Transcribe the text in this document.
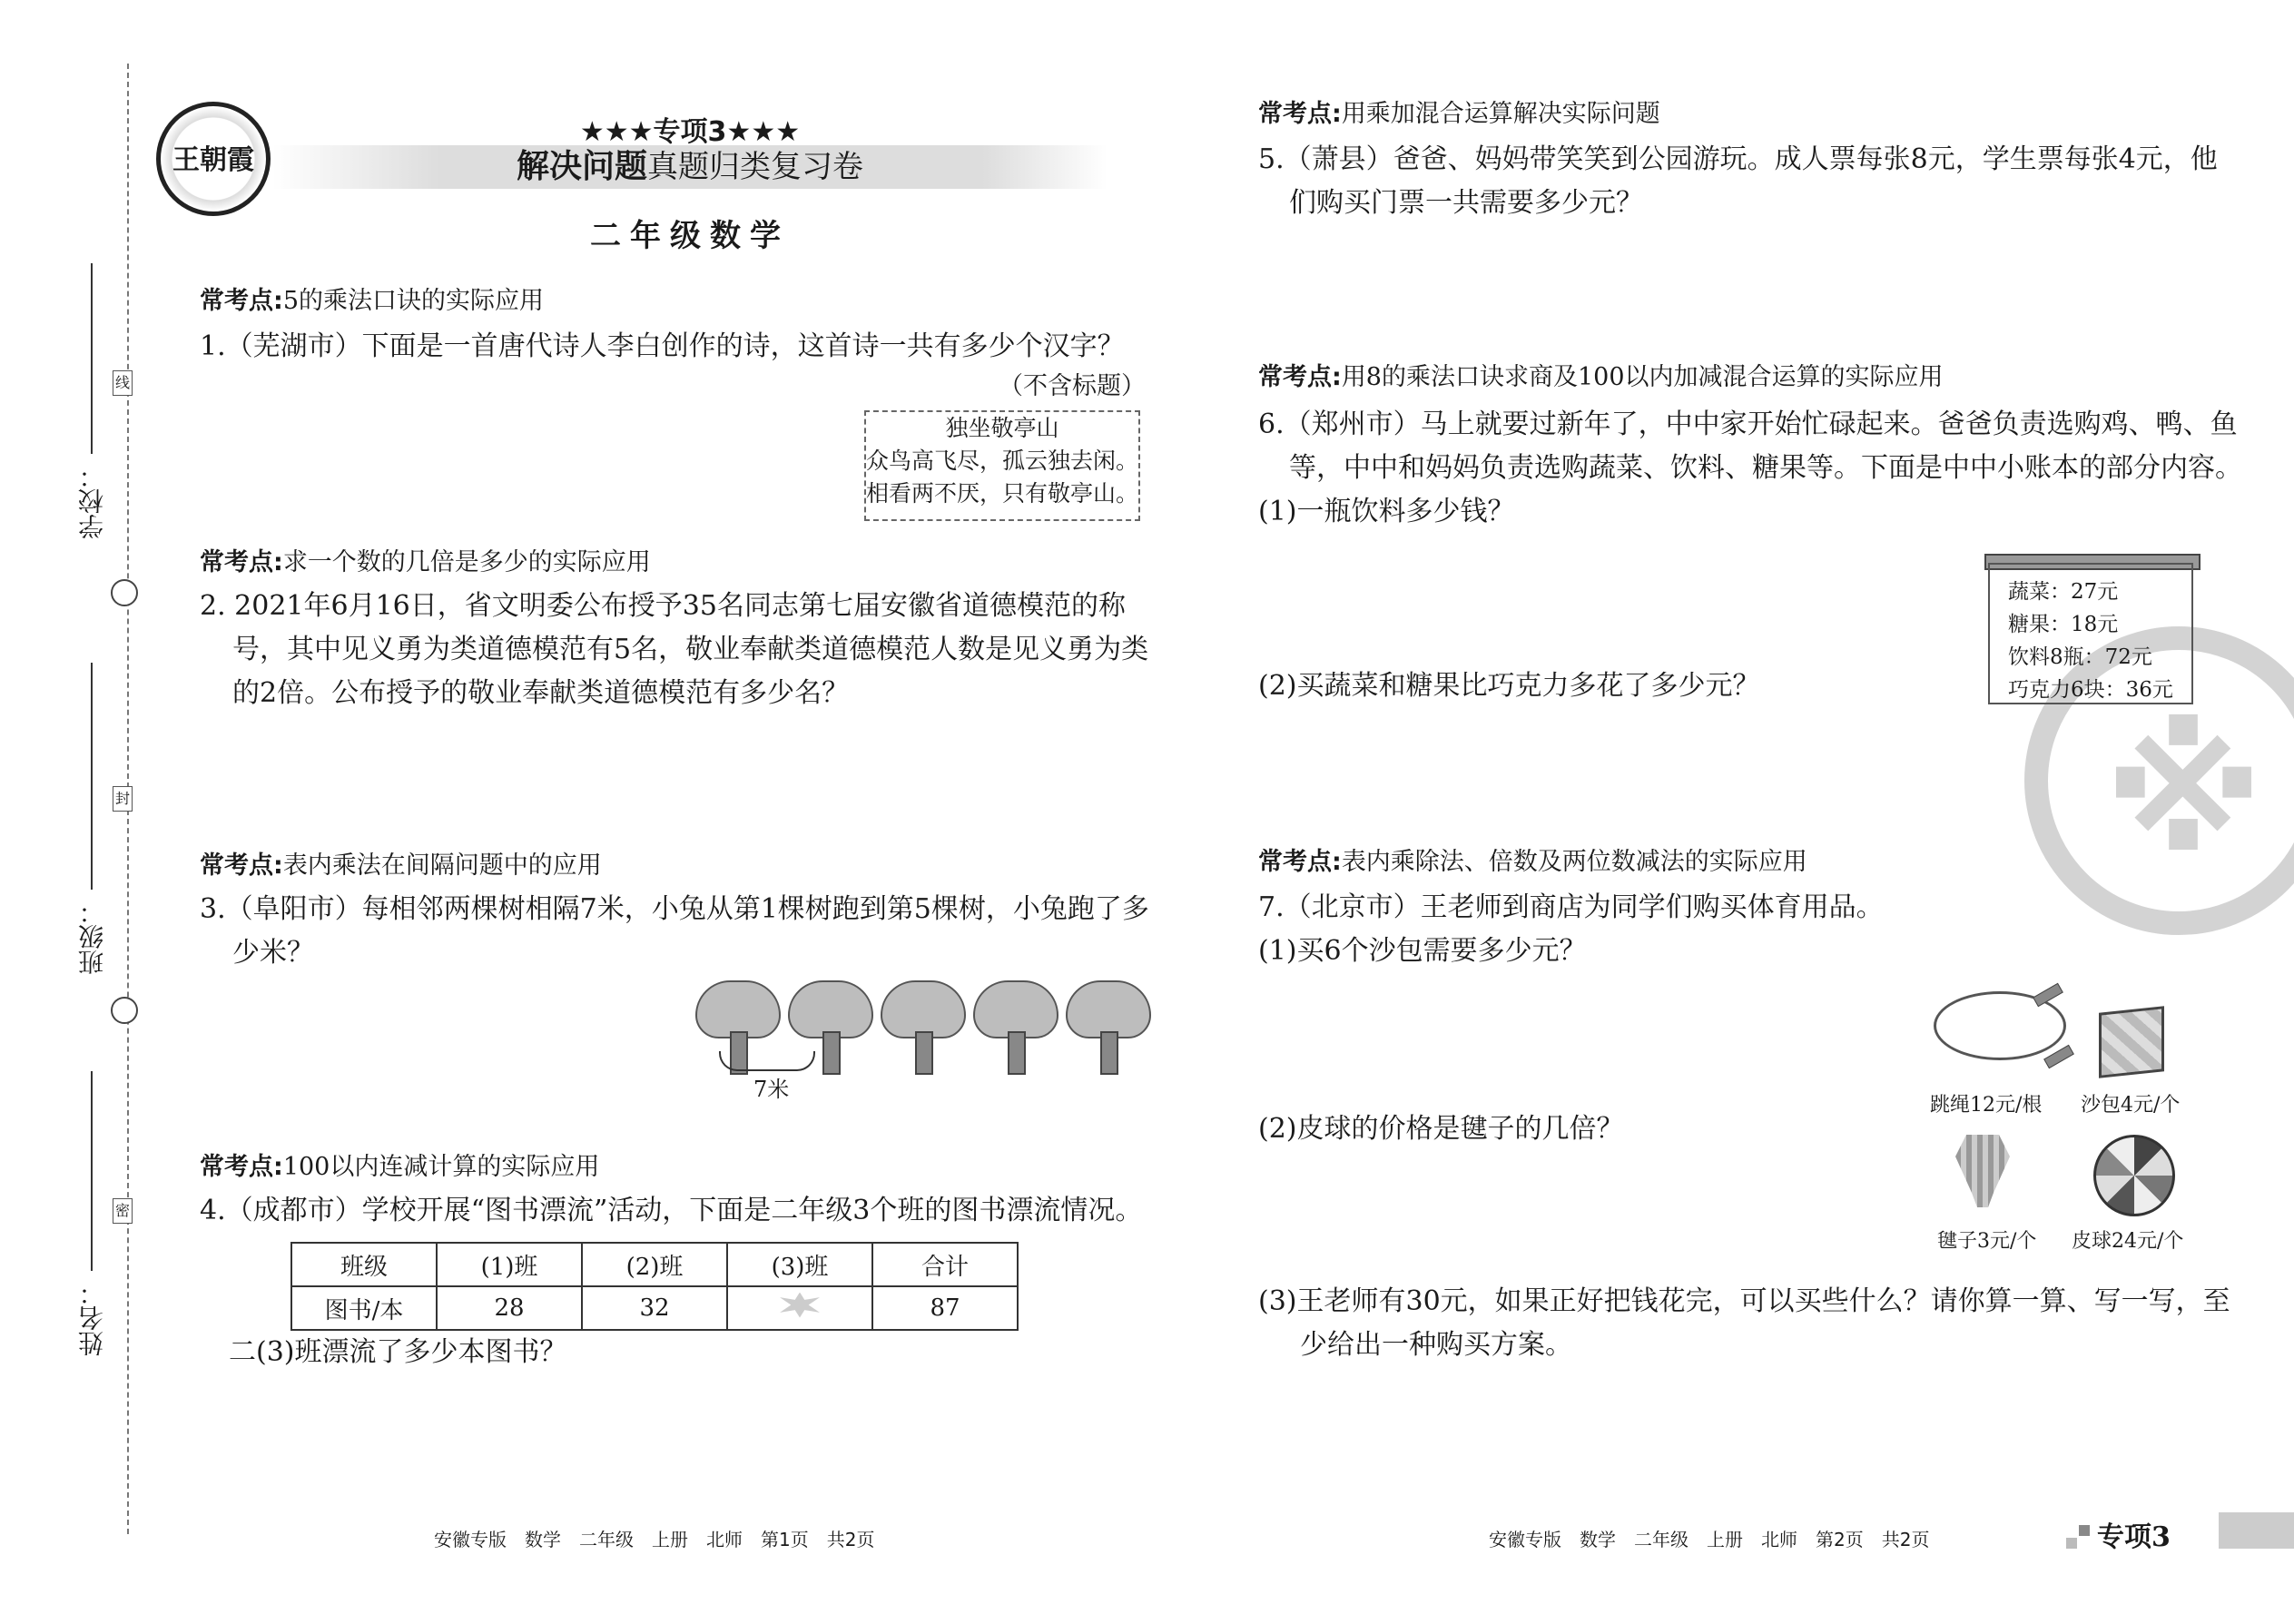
学校：
班级：
姓名：
线
封
密
王朝霞
★★★专项3★★★
解决问题真题归类复习卷
二年级数学
常考点:5的乘法口诀的实际应用
1.（芜湖市）下面是一首唐代诗人李白创作的诗，这首诗一共有多少个汉字？
（不含标题）
独坐敬亭山
众鸟高飞尽，孤云独去闲。
相看两不厌，只有敬亭山。
常考点:求一个数的几倍是多少的实际应用
2. 2021年6月16日，省文明委公布授予35名同志第七届安徽省道德模范的称
号，其中见义勇为类道德模范有5名，敬业奉献类道德模范人数是见义勇为类
的2倍。公布授予的敬业奉献类道德模范有多少名？
常考点:表内乘法在间隔问题中的应用
3.（阜阳市）每相邻两棵树相隔7米，小兔从第1棵树跑到第5棵树，小兔跑了多
少米？
7米
常考点:100以内连减计算的实际应用
4.（成都市）学校开展“图书漂流”活动，下面是二年级3个班的图书漂流情况。
班级	(1)班	(2)班	(3)班	合计
图书/本	28	32		87
二(3)班漂流了多少本图书？
常考点:用乘加混合运算解决实际问题
5.（萧县）爸爸、妈妈带笑笑到公园游玩。成人票每张8元，学生票每张4元，他
们购买门票一共需要多少元？
常考点:用8的乘法口诀求商及100以内加减混合运算的实际应用
6.（郑州市）马上就要过新年了，中中家开始忙碌起来。爸爸负责选购鸡、鸭、鱼
等，中中和妈妈负责选购蔬菜、饮料、糖果等。下面是中中小账本的部分内容。
(1)一瓶饮料多少钱？
※
蔬菜：27元
糖果：18元
饮料8瓶：72元
巧克力6块：36元
(2)买蔬菜和糖果比巧克力多花了多少元？
常考点:表内乘除法、倍数及两位数减法的实际应用
7.（北京市）王老师到商店为同学们购买体育用品。
(1)买6个沙包需要多少元？
跳绳12元/根 沙包4元/个
(2)皮球的价格是毽子的几倍？
毽子3元/个 皮球24元/个
(3)王老师有30元，如果正好把钱花完，可以买些什么？请你算一算、写一写，至
少给出一种购买方案。
安徽专版　数学　二年级　上册　北师　第1页　共2页	安徽专版　数学　二年级　上册　北师　第2页　共2页	专项3
